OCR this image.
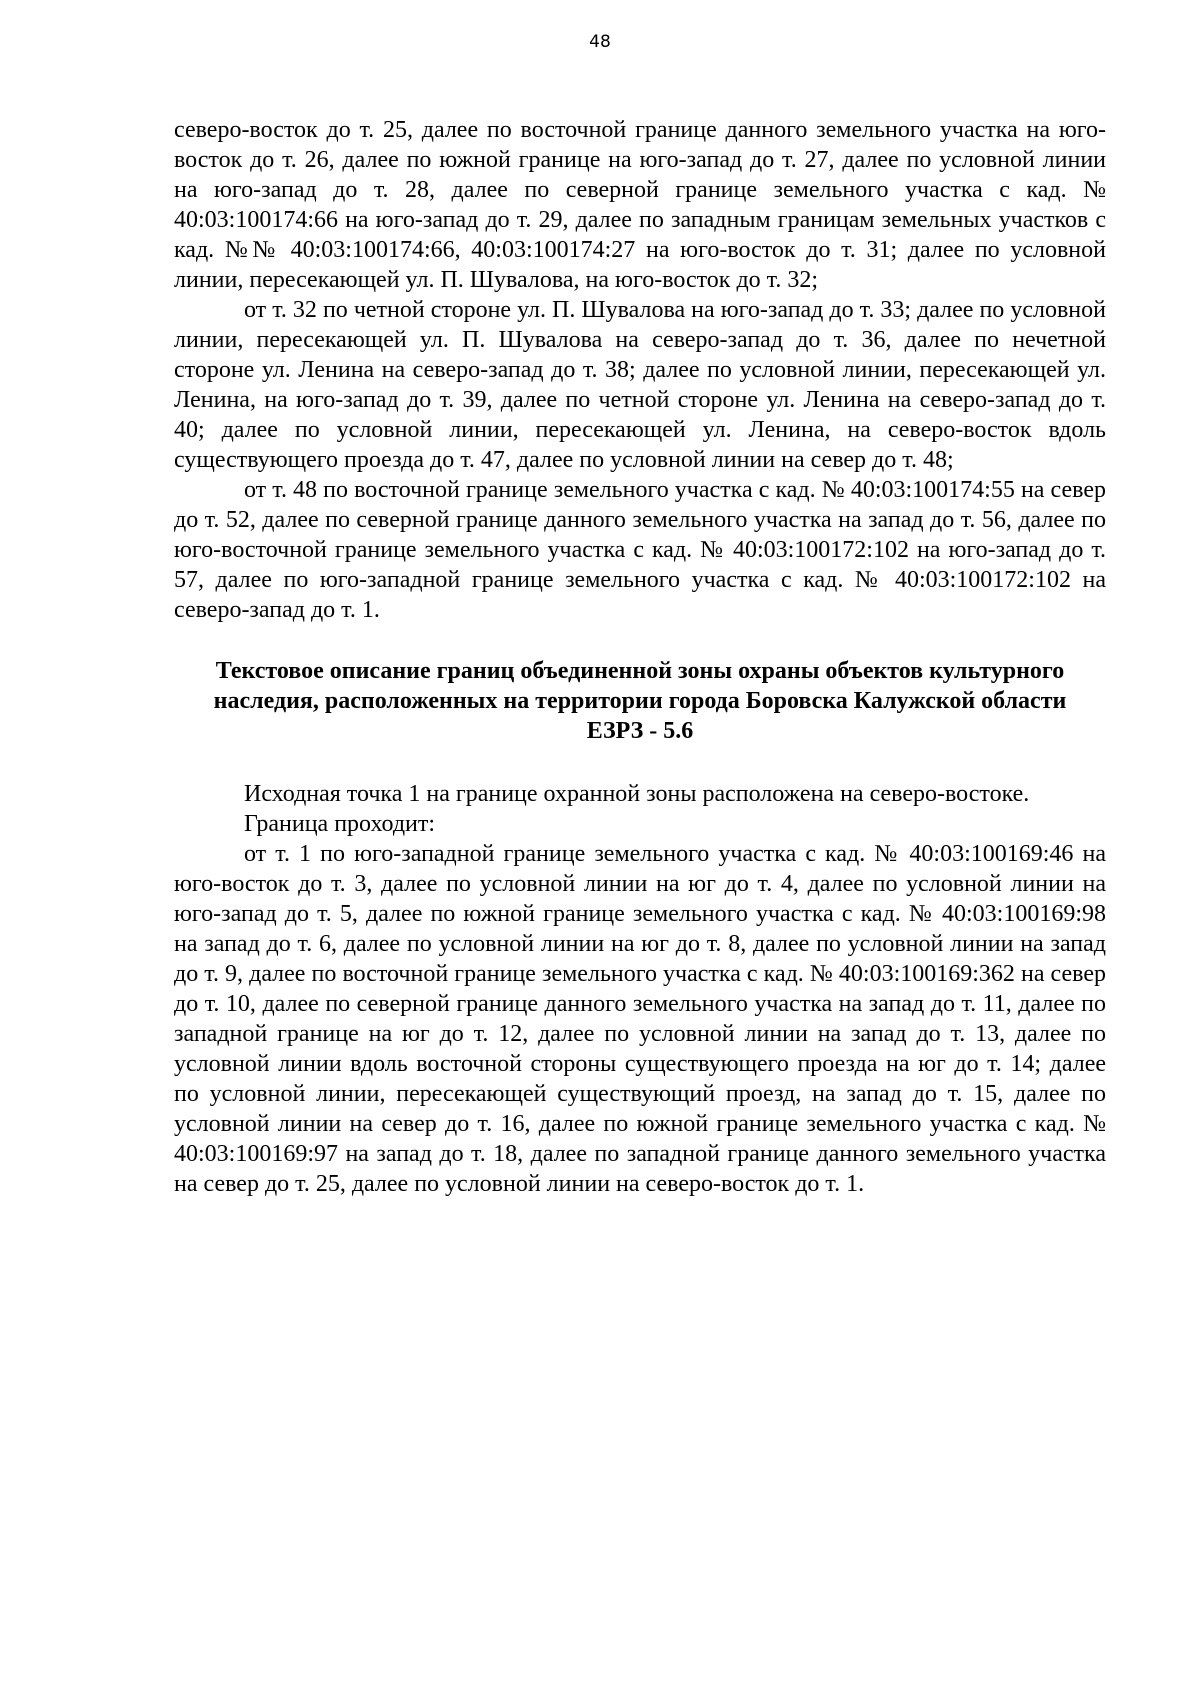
48

северо-восток до т. 25, далее по восточной границе данного земельного участка на юго-восток до т. 26, далее по южной границе на юго-запад до т. 27, далее по условной линии на юго-запад до т. 28, далее по северной границе земельного участка с кад. № 40:03:100174:66 на юго-запад до т. 29, далее по западным границам земельных участков с кад. №№ 40:03:100174:66, 40:03:100174:27 на юго-восток до т. 31; далее по условной линии, пересекающей ул. П. Шувалова, на юго-восток до т. 32;

от т. 32 по четной стороне ул. П. Шувалова на юго-запад до т. 33; далее по условной линии, пересекающей ул. П. Шувалова на северо-запад до т. 36, далее по нечетной стороне ул. Ленина на северо-запад до т. 38; далее по условной линии, пересекающей ул. Ленина, на юго-запад до т. 39, далее по четной стороне ул. Ленина на северо-запад до т. 40; далее по условной линии, пересекающей ул. Ленина, на северо-восток вдоль существующего проезда до т. 47, далее по условной линии на север до т. 48;

от т. 48 по восточной границе земельного участка с кад. № 40:03:100174:55 на север до т. 52, далее по северной границе данного земельного участка на запад до т. 56, далее по юго-восточной границе земельного участка с кад. № 40:03:100172:102 на юго-запад до т. 57, далее по юго-западной границе земельного участка с кад. № 40:03:100172:102 на северо-запад до т. 1.

Текстовое описание границ объединенной зоны охраны объектов культурного наследия, расположенных на территории города Боровска Калужской области
ЕЗРЗ - 5.6

Исходная точка 1 на границе охранной зоны расположена на северо-востоке.

Граница проходит:

от т. 1 по юго-западной границе земельного участка с кад. № 40:03:100169:46 на юго-восток до т. 3, далее по условной линии на юг до т. 4, далее по условной линии на юго-запад до т. 5, далее по южной границе земельного участка с кад. № 40:03:100169:98 на запад до т. 6, далее по условной линии на юг до т. 8, далее по условной линии на запад до т. 9, далее по восточной границе земельного участка с кад. № 40:03:100169:362 на север до т. 10, далее по северной границе данного земельного участка на запад до т. 11, далее по западной границе на юг до т. 12, далее по условной линии на запад до т. 13, далее по условной линии вдоль восточной стороны существующего проезда на юг до т. 14; далее по условной линии, пересекающей существующий проезд, на запад до т. 15, далее по условной линии на север до т. 16, далее по южной границе земельного участка с кад. № 40:03:100169:97 на запад до т. 18, далее по западной границе данного земельного участка на север до т. 25, далее по условной линии на северо-восток до т. 1.
